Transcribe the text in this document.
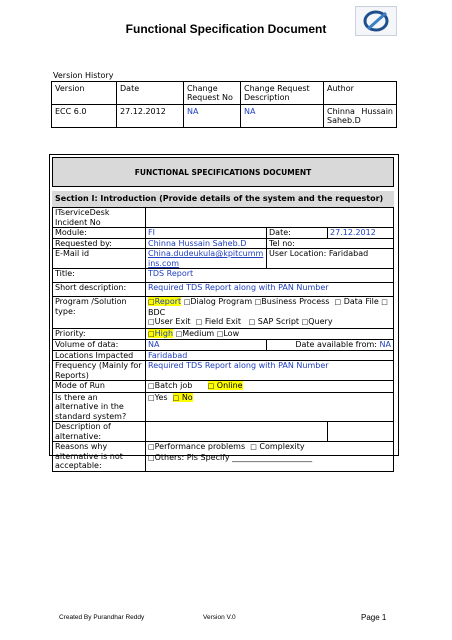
Functional Specification Document
Version History
Version	Date	Change Request No	Change Request Description	Author
ECC 6.0	27.12.2012	NA	NA	Chinna Hussain Saheb.D
FUNCTIONAL SPECIFICATIONS DOCUMENT
Section I: Introduction (Provide details of the system and the requestor)
ITserviceDesk Incident No			
Module:	FI	Date:	27.12.2012
Requested by:	Chinna Hussain Saheb.D	Tel no:	
E-Mail id	China.dudeukula@kpitcummins.com	User Location: Faridabad	
Title:	TDS Report		
Short description:	Required TDS Report along with PAN Number		
Program /Solution type:	□Report □Dialog Program □Business Process □ Data File □
BDC
□User Exit □ Field Exit □ SAP Script □Query		
Priority:	□High □Medium □Low		
Volume of data:	NA	Date available from: NA	
Locations Impacted	Faridabad		
Frequency (Mainly for Reports)	Required TDS Report along with PAN Number		
Mode of Run	□Batch job □ Online		
Is there an alternative in the standard system?	□Yes □ No		
Description of alternative:			
Reasons why alternative is not acceptable:	□Performance problems □ Complexity
□Others: Pls Specify ____________________		
Created By Purandhar Reddy	Version V.0	Page 1
